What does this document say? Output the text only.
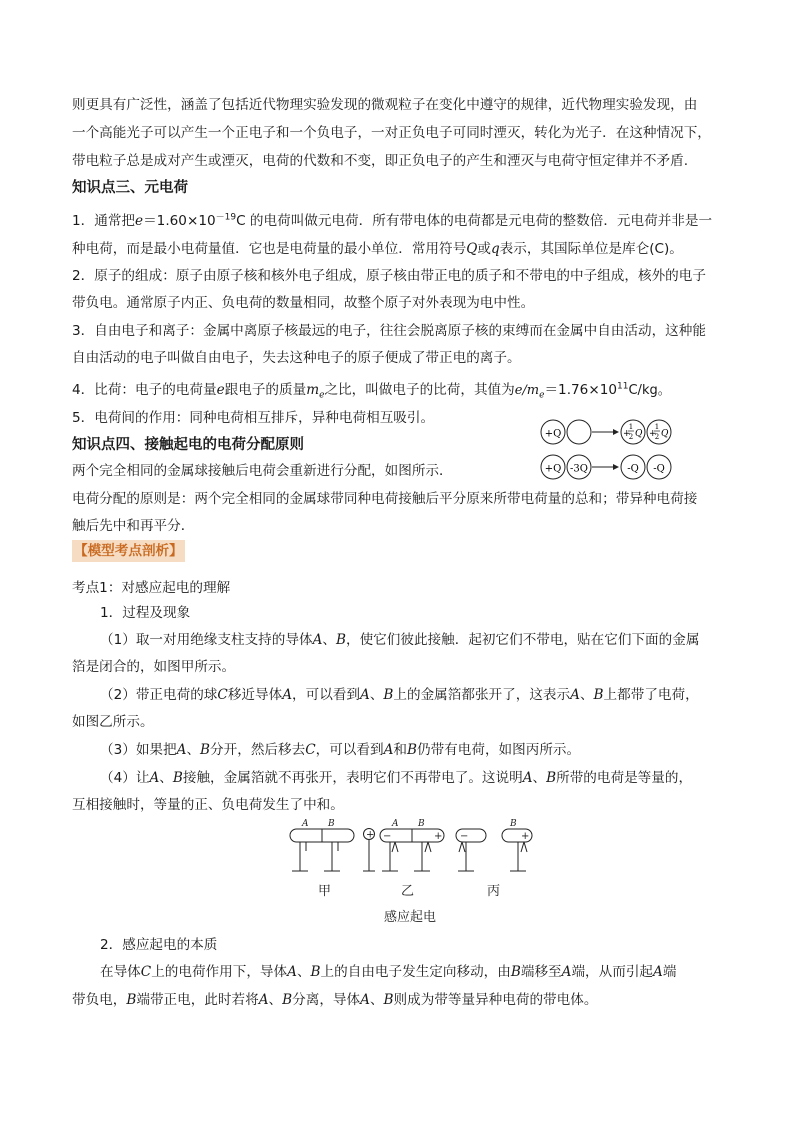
则更具有广泛性，涵盖了包括近代物理实验发现的微观粒子在变化中遵守的规律，近代物理实验发现，由
一个高能光子可以产生一个正电子和一个负电子，一对正负电子可同时湮灭，转化为光子．在这种情况下，
带电粒子总是成对产生或湮灭，电荷的代数和不变，即正负电子的产生和湮灭与电荷守恒定律并不矛盾.
知识点三、元电荷
1．通常把$e=1.60\times 10^{-19}C$ 的电荷叫做元电荷．所有带电体的电荷都是元电荷的整数倍．元电荷并非是一
种电荷，而是最小电荷量值．它也是电荷量的最小单位．常用符号Q或q表示，其国际单位是库仑(C)。
2．原子的组成：原子由原子核和核外电子组成，原子核由带正电的质子和不带电的中子组成，核外的电子
带负电。通常原子内正、负电荷的数量相同，故整个原子对外表现为电中性。
3．自由电子和离子：金属中离原子核最远的电子，往往会脱离原子核的束缚而在金属中自由活动，这种能
自由活动的电子叫做自由电子，失去这种电子的原子便成了带正电的离子。
4．比荷：电子的电荷量e跟电子的质量$m_e$之比，叫做电子的比荷，其值为$e/m_e=1.76\times 10^{11}C/kg$。
5．电荷间的作用：同种电荷相互排斥，异种电荷相互吸引。
知识点四、接触起电的电荷分配原则
两个完全相同的金属球接触后电荷会重新进行分配，如图所示．
电荷分配的原则是：两个完全相同的金属球带同种电荷接触后平分原来所带电荷量的总和；带异种电荷接
触后先中和再平分．
+Q	+
1
2 Q +
1
2 Q
+Q -3Q	-Q -Q
【模型考点剖析】
考点1：对感应起电的理解
1．过程及现象
（1）取一对用绝缘支柱支持的导体A、B，使它们彼此接触．起初它们不带电，贴在它们下面的金属
箔是闭合的，如图甲所示。
（2）带正电荷的球C移近导体A，可以看到A、B上的金属箔都张开了，这表示A、B上都带了电荷，
如图乙所示。
（3）如果把A、B分开，然后移去C，可以看到A和B仍带有电荷，如图丙所示。
（4）让A、B接触，金属箔就不再张开，表明它们不再带电了。这说明A、B所带的电荷是等量的，
互相接触时，等量的正、负电荷发生了中和。
A B	A B	B
+ −	+ −	+
甲	乙	丙
感应起电
2．感应起电的本质
在导体C上的电荷作用下，导体A、B上的自由电子发生定向移动，由B端移至A端，从而引起A端
带负电，B端带正电，此时若将A、B分离，导体A、B则成为带等量异种电荷的带电体。
